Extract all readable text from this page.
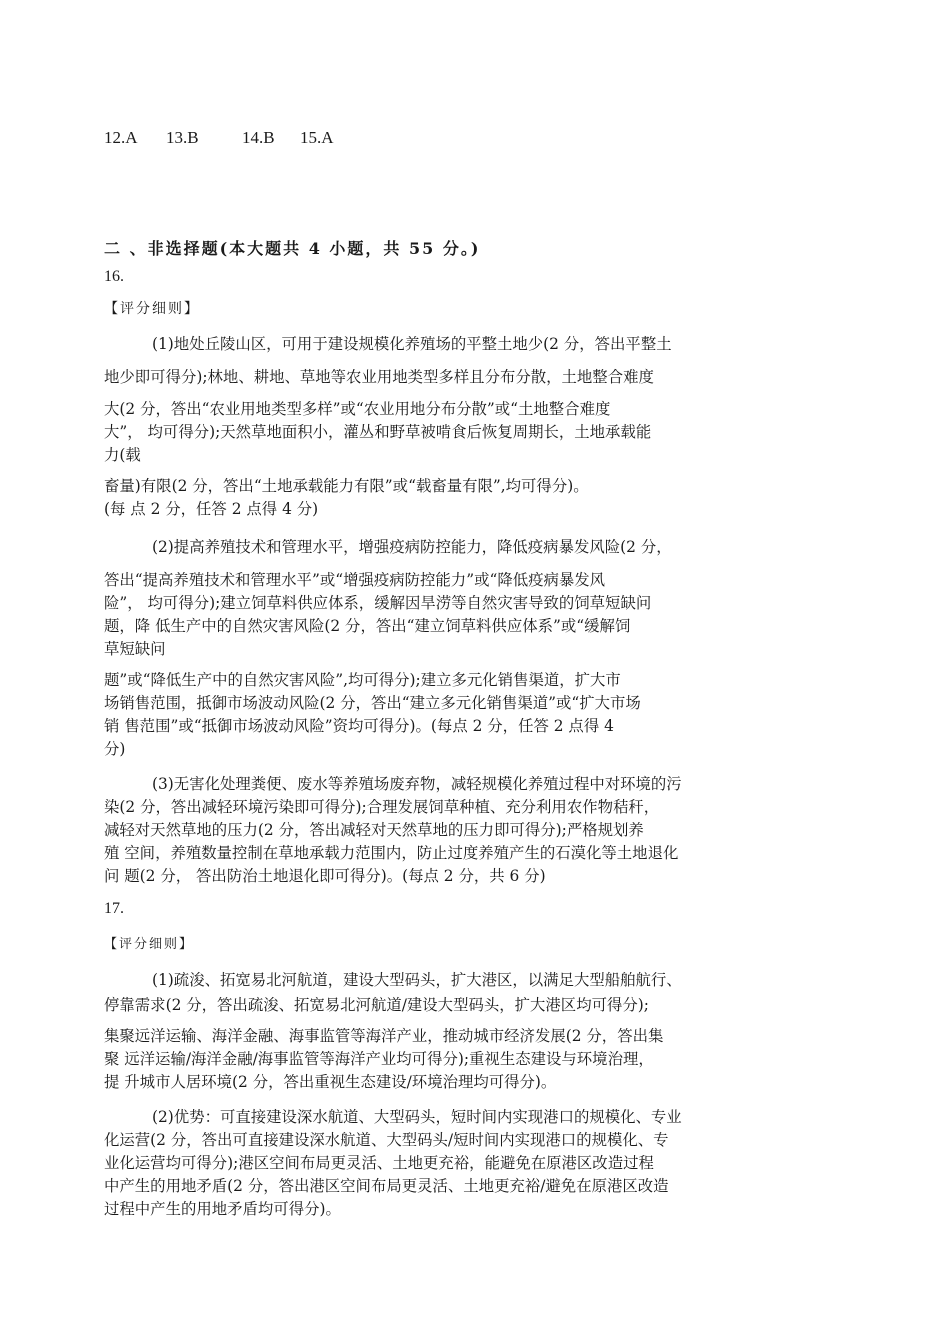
12.A 13.B	14.B 15.A
二 、非选择题(本大题共 4 小题，共 55 分。)
16.
【评分细则】
(1)地处丘陵山区，可用于建设规模化养殖场的平整土地少(2 分，答出平整土
地少即可得分);林地、耕地、草地等农业用地类型多样且分布分散，土地整合难度
大(2 分，答出“农业用地类型多样”或“农业用地分布分散”或“土地整合难度
大”， 均可得分);天然草地面积小，灌丛和野草被啃食后恢复周期长，土地承载能
力(载
畜量)有限(2 分，答出“土地承载能力有限”或“载畜量有限”,均可得分)。
(每 点 2 分，任答 2 点得 4 分)
(2)提高养殖技术和管理水平，增强疫病防控能力，降低疫病暴发风险(2 分，
答出“提高养殖技术和管理水平”或“增强疫病防控能力”或“降低疫病暴发风
险”， 均可得分);建立饲草料供应体系，缓解因旱涝等自然灾害导致的饲草短缺问
题，降 低生产中的自然灾害风险(2 分，答出“建立饲草料供应体系”或“缓解饲
草短缺问
题”或“降低生产中的自然灾害风险”,均可得分);建立多元化销售渠道，扩大市
场销售范围，抵御市场波动风险(2 分，答出“建立多元化销售渠道”或“扩大市场
销 售范围”或“抵御市场波动风险”资均可得分)。(每点 2 分，任答 2 点得 4
分)
(3)无害化处理粪便、废水等养殖场废弃物，减轻规模化养殖过程中对环境的污
染(2 分，答出减轻环境污染即可得分);合理发展饲草种植、充分利用农作物秸秆，
减轻对天然草地的压力(2 分，答出减轻对天然草地的压力即可得分);严格规划养
殖 空间，养殖数量控制在草地承载力范围内，防止过度养殖产生的石漠化等土地退化
问 题(2 分， 答出防治土地退化即可得分)。(每点 2 分，共 6 分)
17.
【评分细则】
(1)疏浚、拓宽易北河航道，建设大型码头，扩大港区，以满足大型船舶航行、
停靠需求(2 分，答出疏浚、拓宽易北河航道/建设大型码头，扩大港区均可得分);
集聚远洋运输、海洋金融、海事监管等海洋产业，推动城市经济发展(2 分，答出集
聚 远洋运输/海洋金融/海事监管等海洋产业均可得分);重视生态建设与环境治理，
提 升城市人居环境(2 分，答出重视生态建设/环境治理均可得分)。
(2)优势：可直接建设深水航道、大型码头，短时间内实现港口的规模化、专业
化运营(2 分，答出可直接建设深水航道、大型码头/短时间内实现港口的规模化、专
业化运营均可得分);港区空间布局更灵活、土地更充裕，能避免在原港区改造过程
中产生的用地矛盾(2 分，答出港区空间布局更灵活、土地更充裕/避免在原港区改造
过程中产生的用地矛盾均可得分)。
